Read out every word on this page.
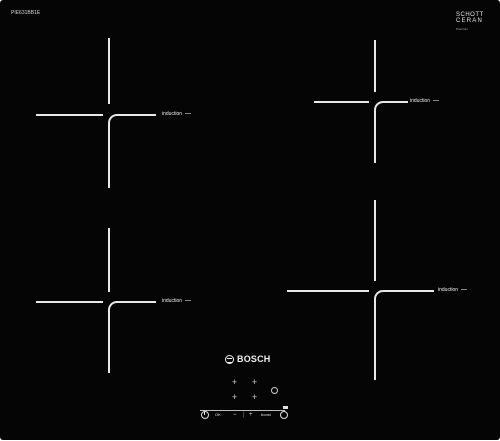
PIE631BB1E	SCHOTT
CERAN
Premium
induction
induction
induction
induction
BOSCH
+ +
+ +
OK − | + boost
